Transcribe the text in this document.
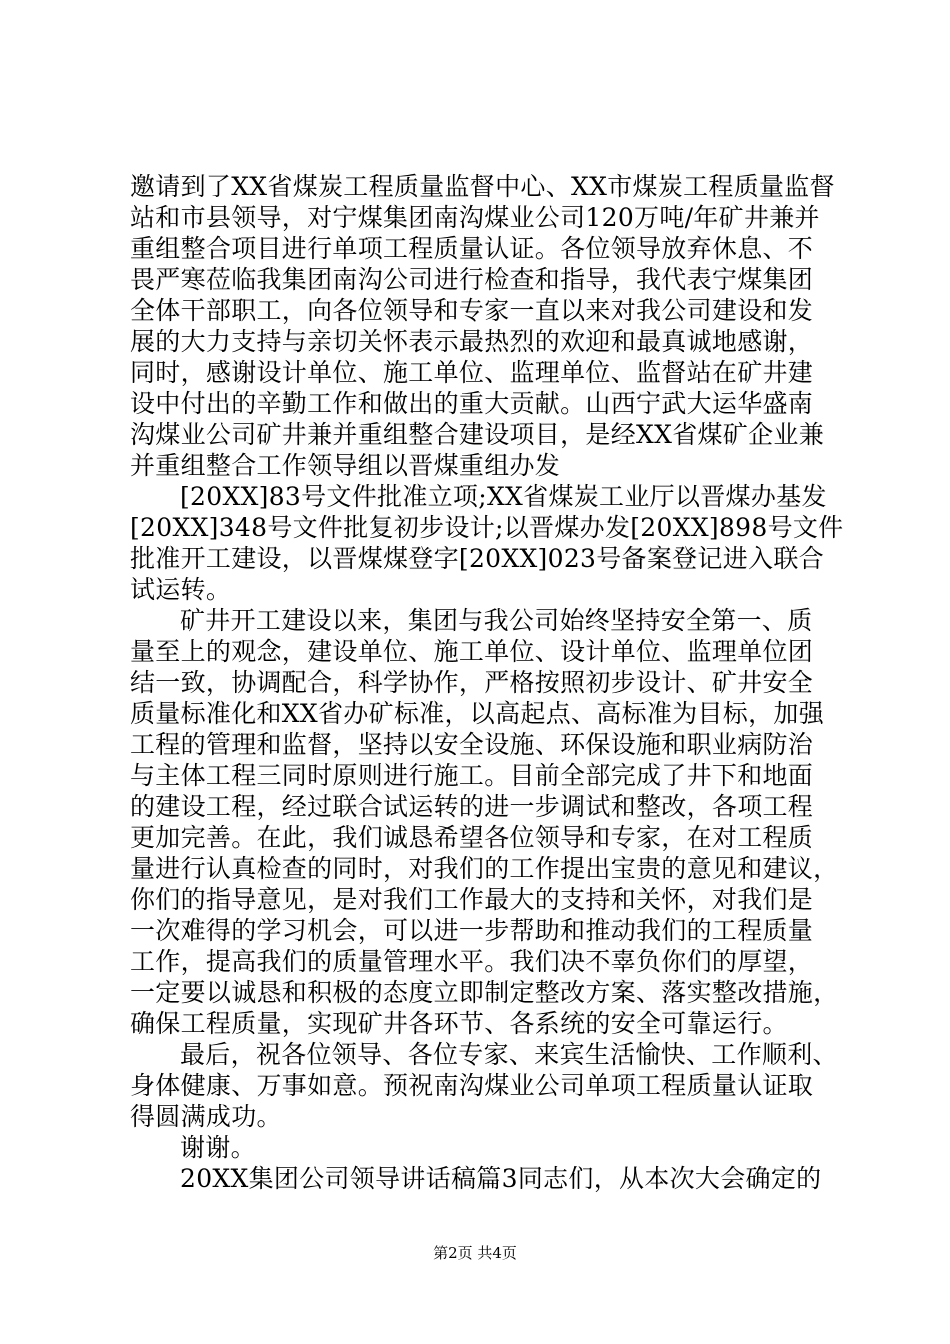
邀请到了XX省煤炭工程质量监督中心、XX市煤炭工程质量监督
站和市县领导，对宁煤集团南沟煤业公司120万吨/年矿井兼并
重组整合项目进行单项工程质量认证。各位领导放弃休息、不
畏严寒莅临我集团南沟公司进行检查和指导，我代表宁煤集团
全体干部职工，向各位领导和专家一直以来对我公司建设和发
展的大力支持与亲切关怀表示最热烈的欢迎和最真诚地感谢，
同时，感谢设计单位、施工单位、监理单位、监督站在矿井建
设中付出的辛勤工作和做出的重大贡献。山西宁武大运华盛南
沟煤业公司矿井兼并重组整合建设项目，是经XX省煤矿企业兼
并重组整合工作领导组以晋煤重组办发
[20XX]83号文件批准立项;XX省煤炭工业厅以晋煤办基发
[20XX]348号文件批复初步设计;以晋煤办发[20XX]898号文件
批准开工建设，以晋煤煤登字[20XX]023号备案登记进入联合
试运转。
矿井开工建设以来，集团与我公司始终坚持安全第一、质
量至上的观念，建设单位、施工单位、设计单位、监理单位团
结一致，协调配合，科学协作，严格按照初步设计、矿井安全
质量标准化和XX省办矿标准，以高起点、高标准为目标，加强
工程的管理和监督，坚持以安全设施、环保设施和职业病防治
与主体工程三同时原则进行施工。目前全部完成了井下和地面
的建设工程，经过联合试运转的进一步调试和整改，各项工程
更加完善。在此，我们诚恳希望各位领导和专家，在对工程质
量进行认真检查的同时，对我们的工作提出宝贵的意见和建议，
你们的指导意见，是对我们工作最大的支持和关怀，对我们是
一次难得的学习机会，可以进一步帮助和推动我们的工程质量
工作，提高我们的质量管理水平。我们决不辜负你们的厚望，
一定要以诚恳和积极的态度立即制定整改方案、落实整改措施，
确保工程质量，实现矿井各环节、各系统的安全可靠运行。
最后，祝各位领导、各位专家、来宾生活愉快、工作顺利、
身体健康、万事如意。预祝南沟煤业公司单项工程质量认证取
得圆满成功。
谢谢。
20XX集团公司领导讲话稿篇3同志们，从本次大会确定的
第2页 共4页
